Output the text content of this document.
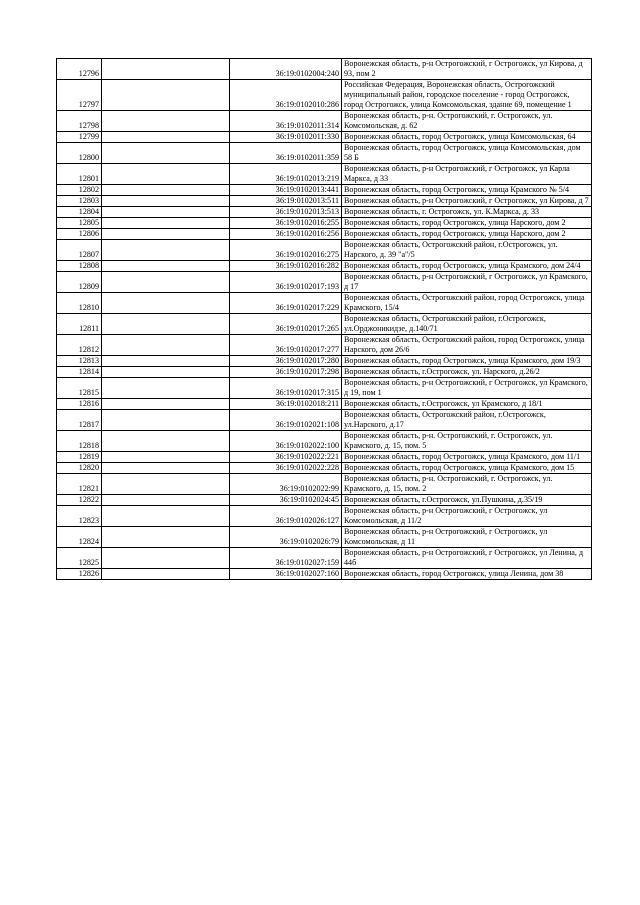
12796		36:19:0102004:240	Воронежская область, р-н Острогожский, г Острогожск, ул Кирова, д 93, пом 2
12797		36:19:0102010:286	Российская Федерация, Воронежская область, Острогожский муниципальный район, городское поселение - город Острогожск, город Острогожск, улица Комсомольская, здание 69, помещение 1
12798		36:19:0102011:314	Воронежская область, р-н. Острогожский, г. Острогожск, ул. Комсомольская, д. 62
12799		36:19:0102011:330	Воронежская область, город Острогожск, улица Комсомольская, 64
12800		36:19:0102011:359	Воронежская область, город Острогожск, улица Комсомольская, дом 58 Б
12801		36:19:0102013:219	Воронежская область, р-н Острогожский, г Острогожск, ул Карла Маркса, д 33
12802		36:19:0102013:441	Воронежская область, город Острогожск, улица Крамского № 5/4
12803		36:19:0102013:511	Воронежская область, р-н Острогожский, г Острогожск, ул Кирова, д 7
12804		36:19:0102013:513	Воронежская область, г. Острогожск, ул. К.Маркса, д. 33
12805		36:19:0102016:255	Воронежская область, город Острогожск, улица Нарского, дом 2
12806		36:19:0102016:256	Воронежская область, город Острогожск, улица Нарского, дом 2
12807		36:19:0102016:275	Воронежская область, Острогожский район, г.Острогожск, ул. Нарского, д. 39 "а"/5
12808		36:19:0102016:282	Воронежская область, город Острогожск, улица Крамского, дом 24/4
12809		36:19:0102017:193	Воронежская область, р-н Острогожский, г Острогожск, ул Крамского, д 17
12810		36:19:0102017:229	Воронежская область, Острогожский район, город Острогожск, улица Крамского, 15/4
12811		36:19:0102017:265	Воронежская область, Острогожский район, г.Острогожск, ул.Орджоникидзе, д.140/71
12812		36:19:0102017:277	Воронежская область, Острогожский район, город Острогожск, улица Нарского, дом 26/6
12813		36:19:0102017:280	Воронежская область, город Острогожск, улица Крамского, дом 19/3
12814		36:19:0102017:298	Воронежская область, г.Острогожск, ул. Нарского, д.26/2
12815		36:19:0102017:315	Воронежская область, р-н Острогожский, г Острогожск, ул Крамского, д 19, пом 1
12816		36:19:0102018:211	Воронежская область, г.Острогожск, ул Крамского, д 18/1
12817		36:19:0102021:108	Воронежская область, Острогожский район, г.Острогожск, ул.Нарского, д.17
12818		36:19:0102022:100	Воронежская область, р-н. Острогожский, г. Острогожск, ул. Крамского, д. 15, пом. 5
12819		36:19:0102022:221	Воронежская область, город Острогожск, улица Крамского, дом 11/1
12820		36:19:0102022:228	Воронежская область, город Острогожск, улица Крамского, дом 15
12821		36:19:0102022:99	Воронежская область, р-н. Острогожский, г. Острогожск, ул. Крамского, д. 15, пом. 2
12822		36:19:0102024:45	Воронежская область, г.Острогожск, ул.Пушкина, д.35/19
12823		36:19:0102026:127	Воронежская область, р-н Острогожский, г Острогожск, ул Комсомольская, д 11/2
12824		36:19:0102026:79	Воронежская область, р-н Острогожский, г Острогожск, ул Комсомольская, д 11
12825		36:19:0102027:159	Воронежская область, р-н Острогожский, г Острогожск, ул Ленина, д 44б
12826		36:19:0102027:160	Воронежская область, город Острогожск, улица Ленина, дом 38
